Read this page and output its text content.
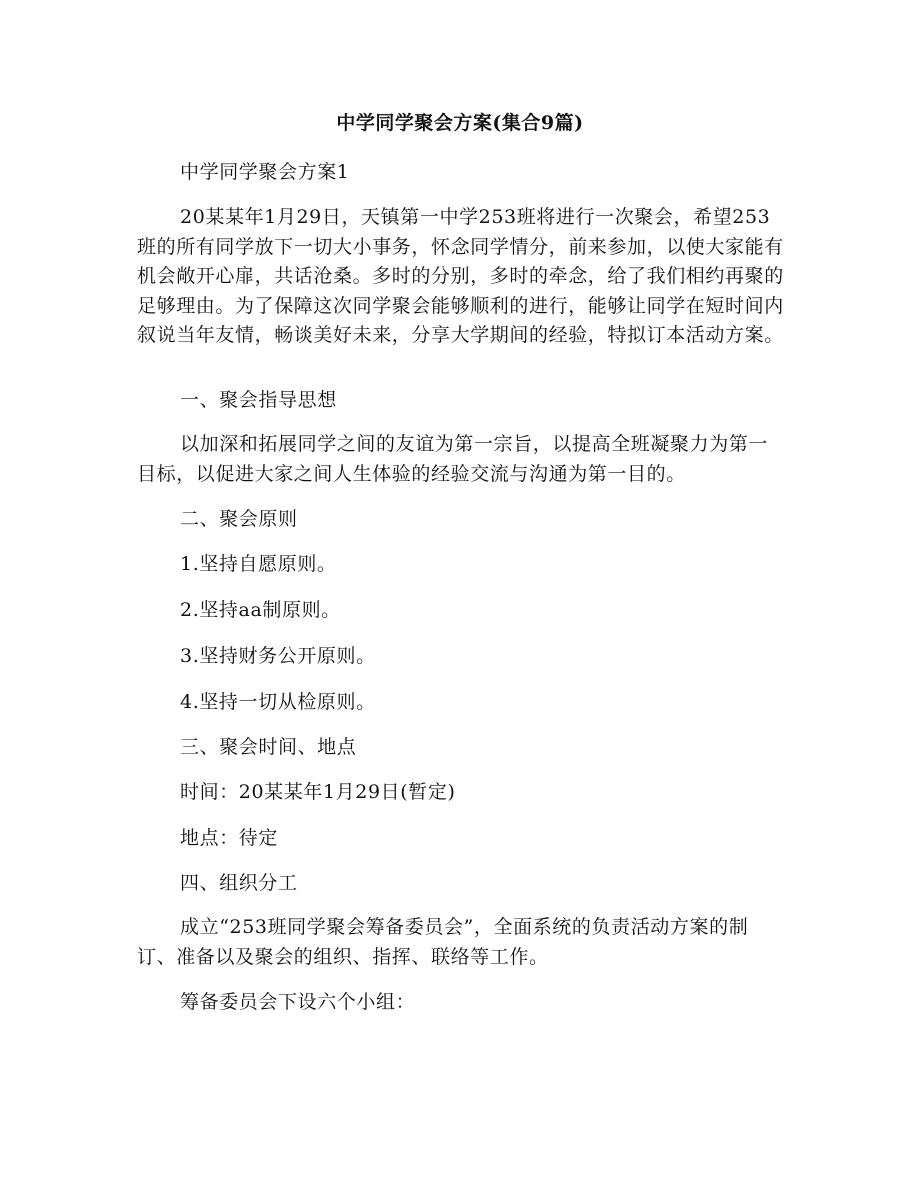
中学同学聚会方案(集合9篇)

中学同学聚会方案1

20某某年1月29日，天镇第一中学253班将进行一次聚会，希望253班的所有同学放下一切大小事务，怀念同学情分，前来参加，以使大家能有机会敞开心扉，共话沧桑。多时的分别，多时的牵念，给了我们相约再聚的足够理由。为了保障这次同学聚会能够顺利的进行，能够让同学在短时间内叙说当年友情，畅谈美好未来，分享大学期间的经验，特拟订本活动方案。

一、聚会指导思想

以加深和拓展同学之间的友谊为第一宗旨，以提高全班凝聚力为第一目标，以促进大家之间人生体验的经验交流与沟通为第一目的。

二、聚会原则

1.坚持自愿原则。

2.坚持aa制原则。

3.坚持财务公开原则。

4.坚持一切从检原则。

三、聚会时间、地点

时间：20某某年1月29日(暂定)

地点：待定

四、组织分工

成立“253班同学聚会筹备委员会”，全面系统的负责活动方案的制订、准备以及聚会的组织、指挥、联络等工作。

筹备委员会下设六个小组：
